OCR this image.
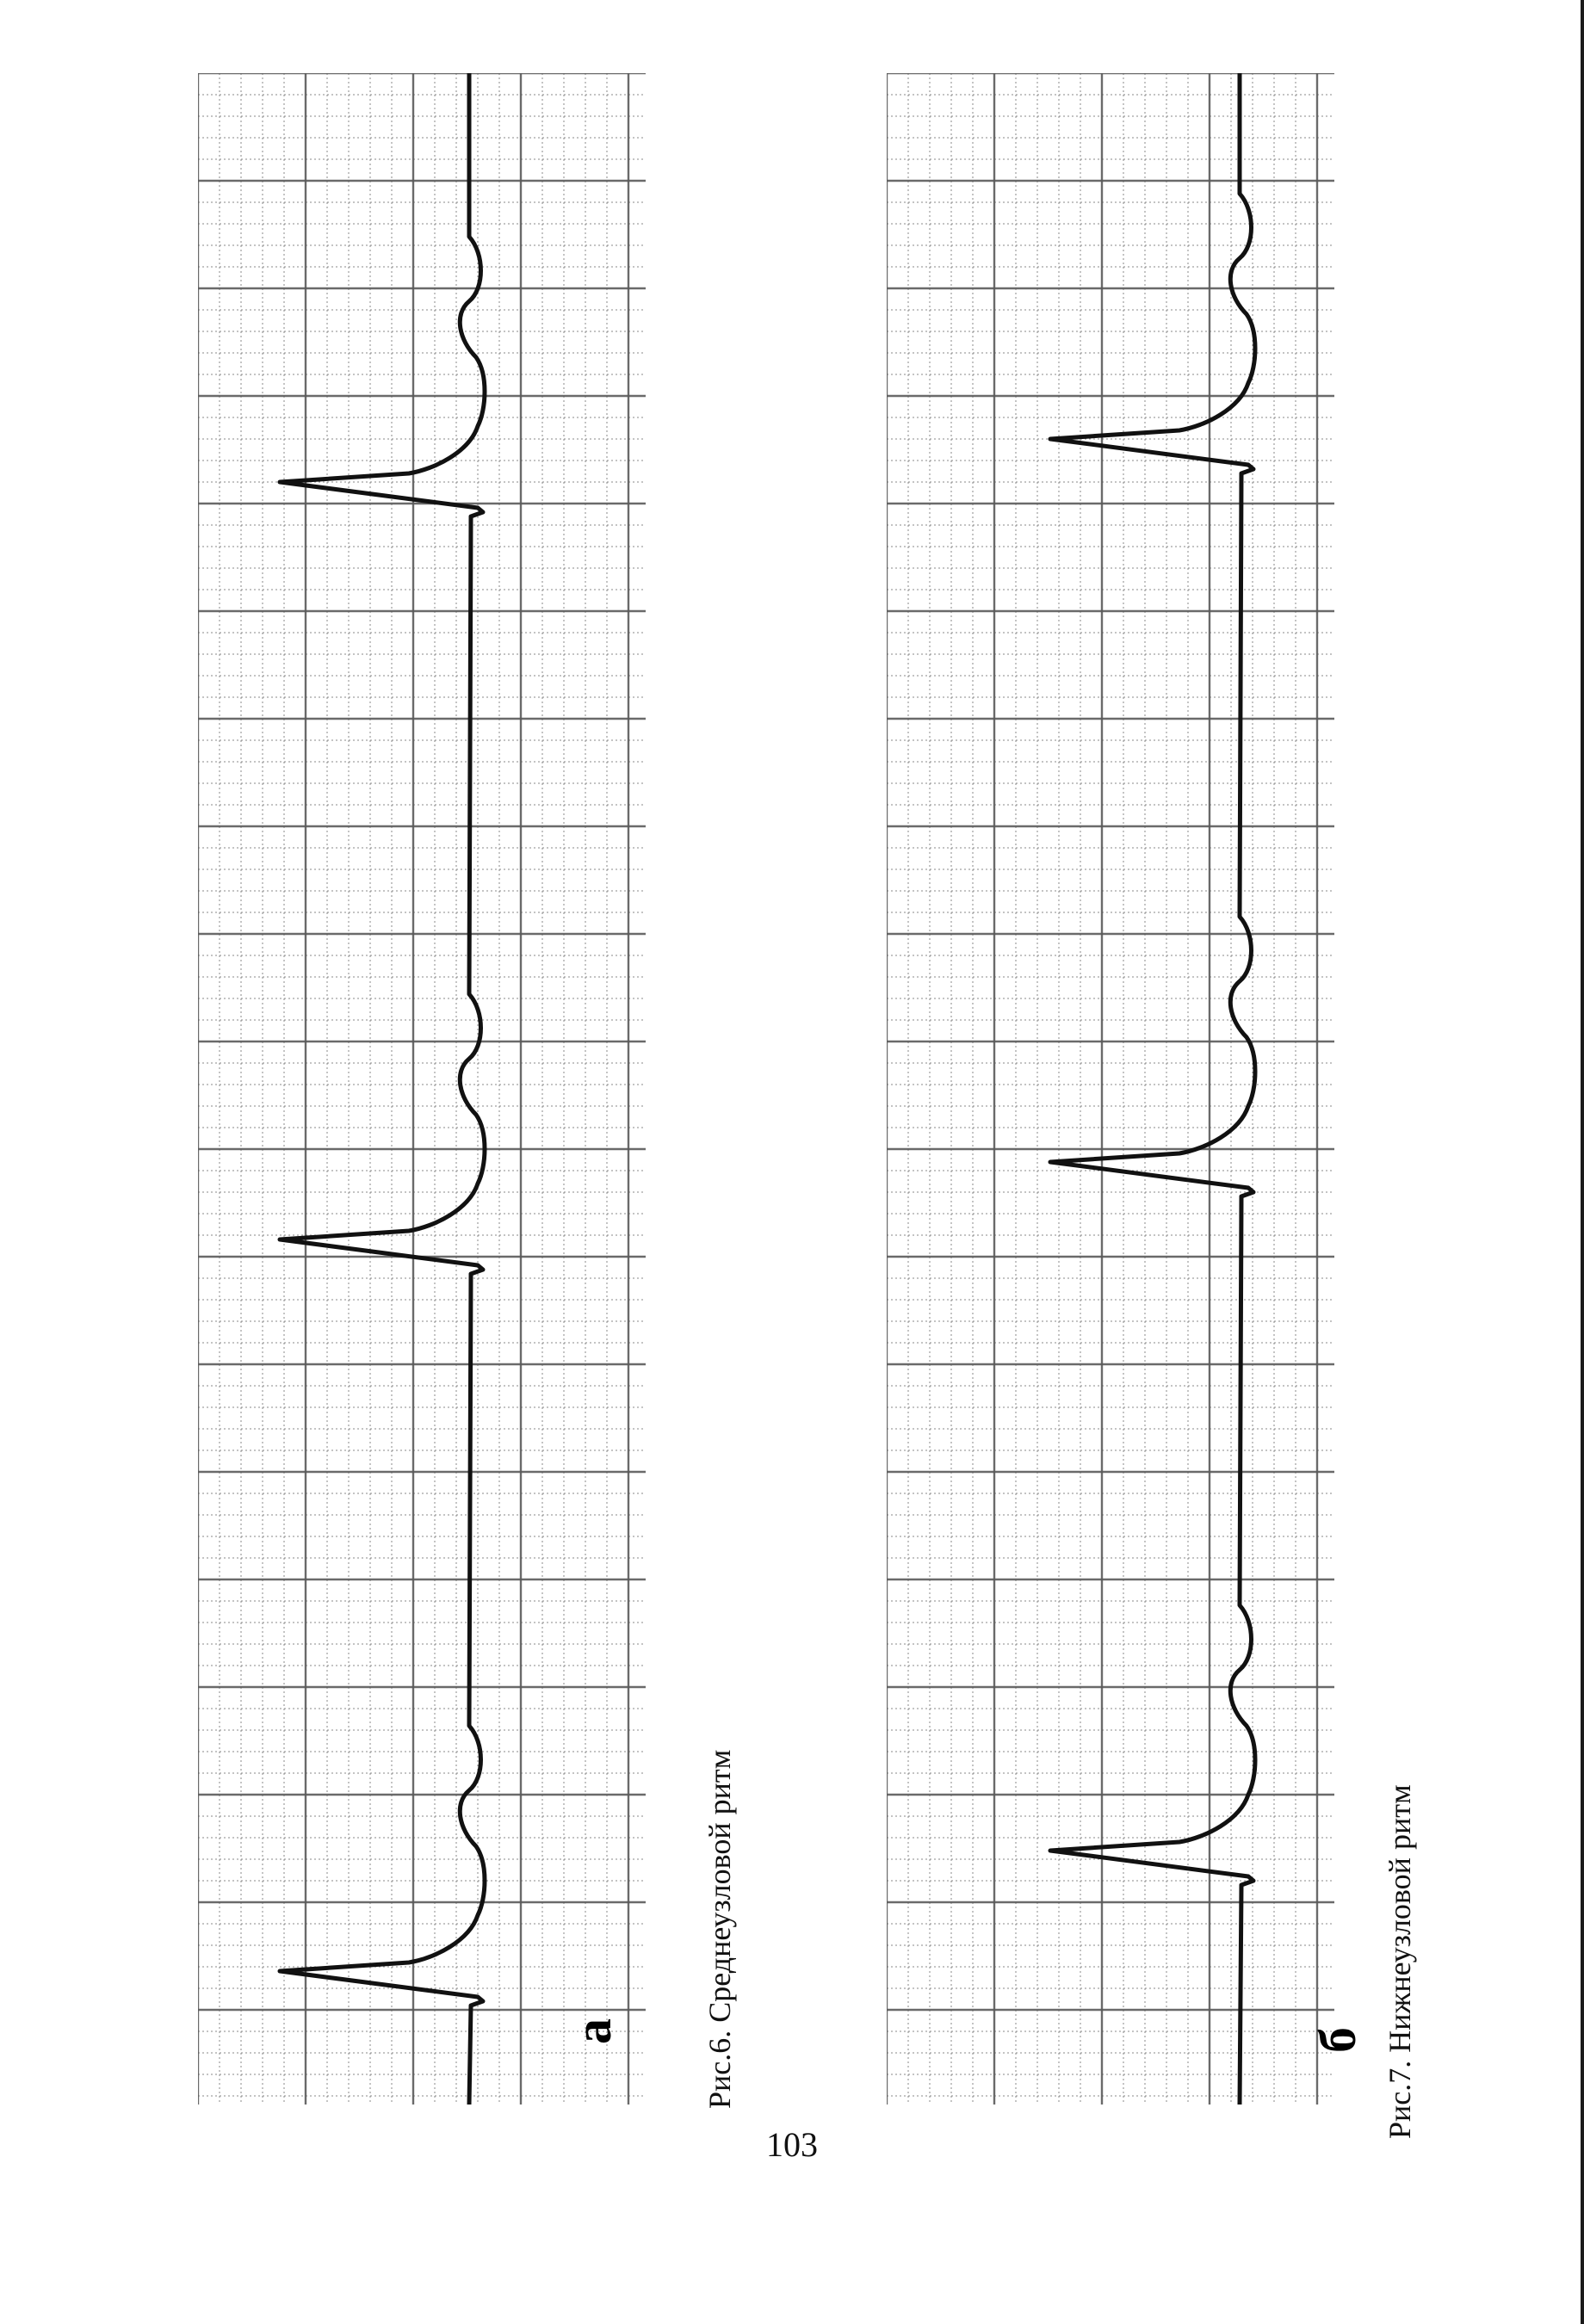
а	б
Рис.6. Среднеузловой ритм	Рис.7. Нижнеузловой ритм
103
